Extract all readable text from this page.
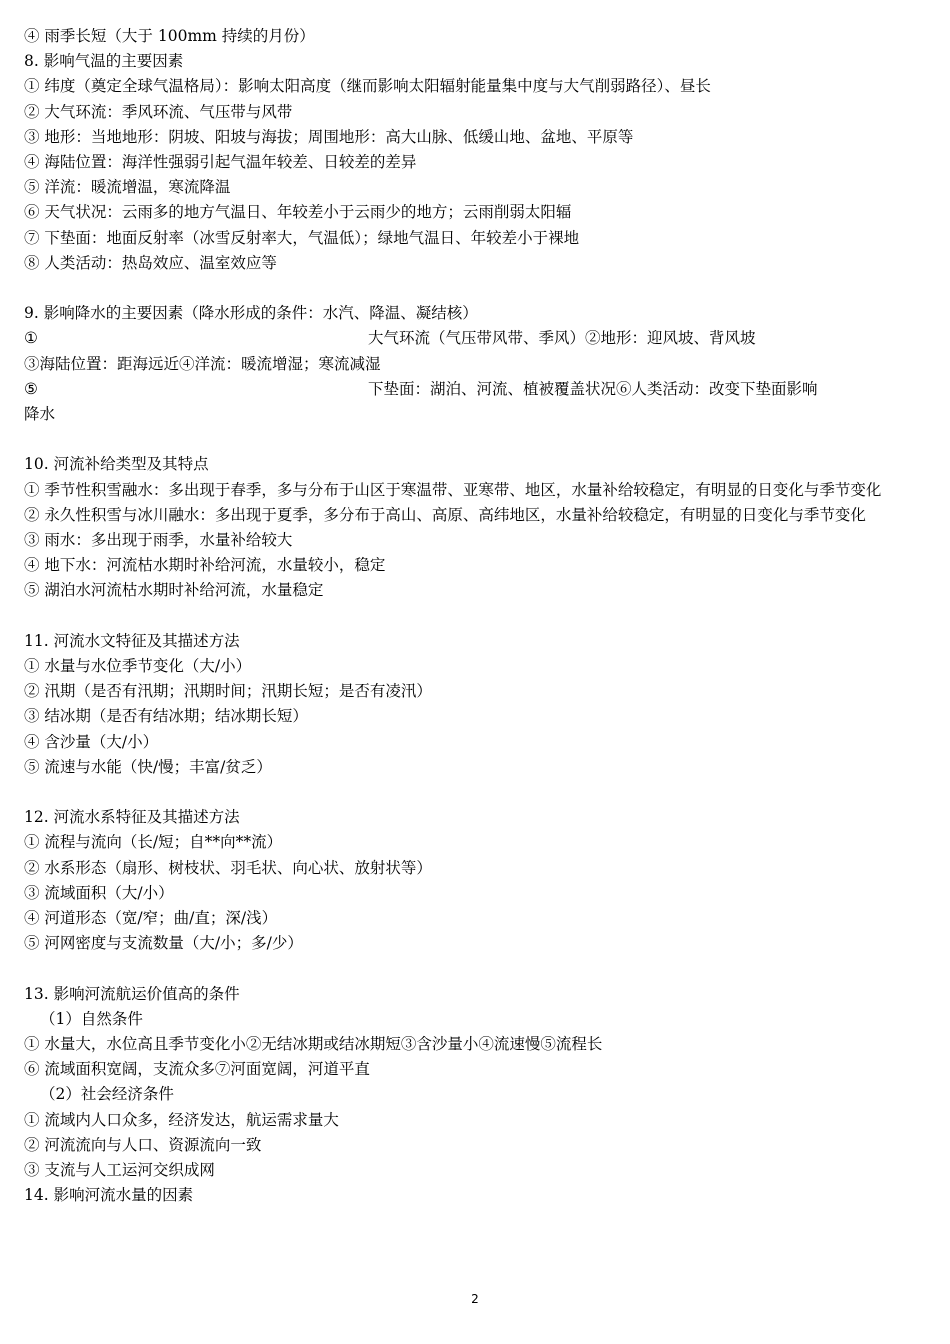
④ 雨季长短（大于 100mm 持续的月份）
8. 影响气温的主要因素
① 纬度（奠定全球气温格局）：影响太阳高度（继而影响太阳辐射能量集中度与大气削弱路径）、昼长
② 大气环流：季风环流、气压带与风带
③ 地形：当地地形：阴坡、阳坡与海拔；周围地形：高大山脉、低缓山地、盆地、平原等
④ 海陆位置：海洋性强弱引起气温年较差、日较差的差异
⑤ 洋流：暖流增温，寒流降温
⑥ 天气状况：云雨多的地方气温日、年较差小于云雨少的地方；云雨削弱太阳辐
⑦ 下垫面：地面反射率（冰雪反射率大，气温低）；绿地气温日、年较差小于裸地
⑧ 人类活动：热岛效应、温室效应等
9. 影响降水的主要因素（降水形成的条件：水汽、降温、凝结核）
①	大气环流（气压带风带、季风）②地形：迎风坡、背风坡
③海陆位置：距海远近④洋流：暖流增湿；寒流减湿
⑤	下垫面：湖泊、河流、植被覆盖状况⑥人类活动：改变下垫面影响
降水
10. 河流补给类型及其特点
① 季节性积雪融水：多出现于春季，多与分布于山区于寒温带、亚寒带、地区，水量补给较稳定，有明显的日变化与季节变化
② 永久性积雪与冰川融水：多出现于夏季，多分布于高山、高原、高纬地区，水量补给较稳定，有明显的日变化与季节变化
③ 雨水：多出现于雨季，水量补给较大
④ 地下水：河流枯水期时补给河流，水量较小，稳定
⑤ 湖泊水河流枯水期时补给河流，水量稳定
11. 河流水文特征及其描述方法
① 水量与水位季节变化（大/小）
② 汛期（是否有汛期；汛期时间；汛期长短；是否有凌汛）
③ 结冰期（是否有结冰期；结冰期长短）
④ 含沙量（大/小）
⑤ 流速与水能（快/慢；丰富/贫乏）
12. 河流水系特征及其描述方法
① 流程与流向（长/短；自**向**流）
② 水系形态（扇形、树枝状、羽毛状、向心状、放射状等）
③ 流域面积（大/小）
④ 河道形态（宽/窄；曲/直；深/浅）
⑤ 河网密度与支流数量（大/小；多/少）
13. 影响河流航运价值高的条件
（1）自然条件
① 水量大，水位高且季节变化小②无结冰期或结冰期短③含沙量小④流速慢⑤流程长
⑥ 流域面积宽阔，支流众多⑦河面宽阔，河道平直
（2）社会经济条件
① 流域内人口众多，经济发达，航运需求量大
② 河流流向与人口、资源流向一致
③ 支流与人工运河交织成网
14. 影响河流水量的因素
2
